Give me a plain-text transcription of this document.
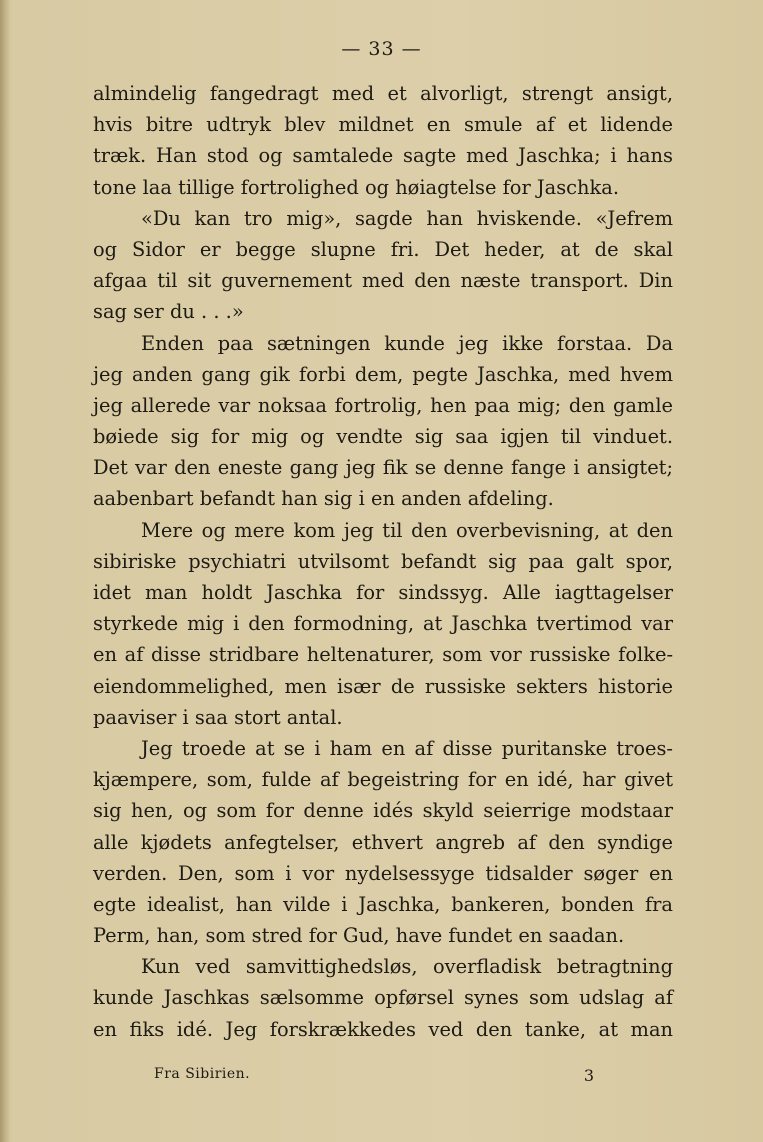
— 33 —
almindelig fangedragt med et alvorligt, strengt ansigt,
hvis bitre udtryk blev mildnet en smule af et lidende
træk. Han stod og samtalede sagte med Jaschka; i hans
tone laa tillige fortrolighed og høiagtelse for Jaschka.
«Du kan tro mig», sagde han hviskende. «Jefrem
og Sidor er begge slupne fri. Det heder, at de skal
afgaa til sit guvernement med den næste transport. Din
sag ser du . . .»
Enden paa sætningen kunde jeg ikke forstaa. Da
jeg anden gang gik forbi dem, pegte Jaschka, med hvem
jeg allerede var noksaa fortrolig, hen paa mig; den gamle
bøiede sig for mig og vendte sig saa igjen til vinduet.
Det var den eneste gang jeg fik se denne fange i ansigtet;
aabenbart befandt han sig i en anden afdeling.
Mere og mere kom jeg til den overbevisning, at den
sibiriske psychiatri utvilsomt befandt sig paa galt spor,
idet man holdt Jaschka for sindssyg. Alle iagttagelser
styrkede mig i den formodning, at Jaschka tvertimod var
en af disse stridbare heltenaturer, som vor russiske folke-
eiendommelighed, men især de russiske sekters historie
paaviser i saa stort antal.
Jeg troede at se i ham en af disse puritanske troes-
kjæmpere, som, fulde af begeistring for en idé, har givet
sig hen, og som for denne idés skyld seierrige modstaar
alle kjødets anfegtelser, ethvert angreb af den syndige
verden. Den, som i vor nydelsessyge tidsalder søger en
egte idealist, han vilde i Jaschka, bankeren, bonden fra
Perm, han, som stred for Gud, have fundet en saadan.
Kun ved samvittighedsløs, overfladisk betragtning
kunde Jaschkas sælsomme opførsel synes som udslag af
en fiks idé. Jeg forskrækkedes ved den tanke, at man
Fra Sibirien.	3
